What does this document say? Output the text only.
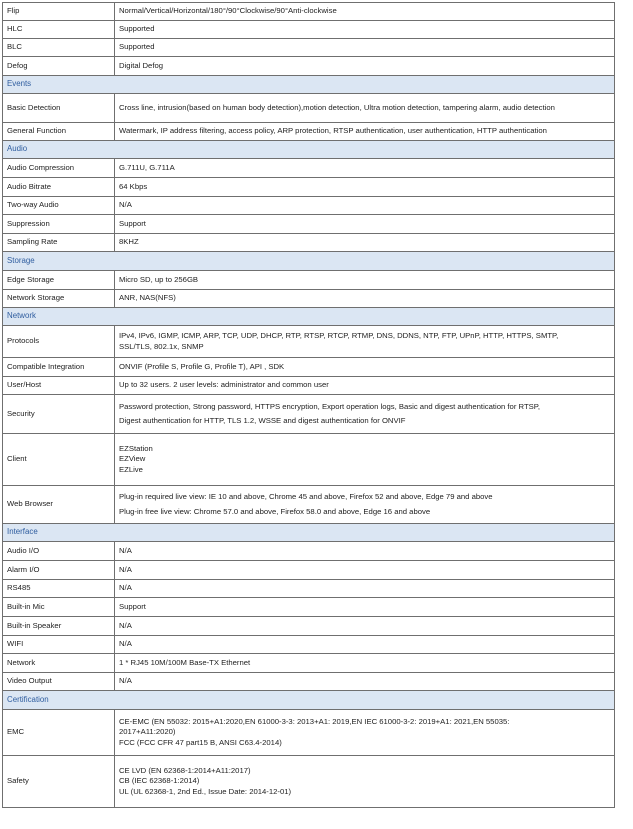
Flip	Normal/Vertical/Horizontal/180°/90°Clockwise/90°Anti-clockwise
HLC	Supported
BLC	Supported
Defog	Digital Defog
Events	
Basic Detection	Cross line, intrusion(based on human body detection),motion detection, Ultra motion detection, tampering alarm, audio detection
General Function	Watermark, IP address filtering, access policy, ARP protection, RTSP authentication, user authentication, HTTP authentication
Audio	
Audio Compression	G.711U, G.711A
Audio Bitrate	64 Kbps
Two-way Audio	N/A
Suppression	Support
Sampling Rate	8KHZ
Storage	
Edge Storage	Micro SD, up to 256GB
Network Storage	ANR, NAS(NFS)
Network	
Protocols	IPv4, IPv6, IGMP, ICMP, ARP, TCP, UDP, DHCP, RTP, RTSP, RTCP, RTMP, DNS, DDNS, NTP, FTP, UPnP, HTTP, HTTPS, SMTP,
SSL/TLS, 802.1x, SNMP

Compatible Integration	ONVIF (Profile S, Profile G, Profile T), API , SDK
User/Host	Up to 32 users. 2 user levels: administrator and common user
Security	Password protection, Strong password, HTTPS encryption, Export operation logs, Basic and digest authentication for RTSP,
Digest authentication for HTTP, TLS 1.2, WSSE and digest authentication for ONVIF

Client	EZStation
EZView
EZLive

Web Browser	Plug-in required live view: IE 10 and above, Chrome 45 and above, Firefox 52 and above, Edge 79 and above
Plug-in free live view: Chrome 57.0 and above, Firefox 58.0 and above, Edge 16 and above

Interface	
Audio I/O	N/A
Alarm I/O	N/A
RS485	N/A
Built-in Mic	Support
Built-in Speaker	N/A
WIFI	N/A
Network	1 * RJ45 10M/100M Base-TX Ethernet
Video Output	N/A
Certification	
EMC	CE-EMC (EN 55032: 2015+A1:2020,EN 61000-3-3: 2013+A1: 2019,EN IEC 61000-3-2: 2019+A1: 2021,EN 55035:
2017+A11:2020)
FCC (FCC CFR 47 part15 B, ANSI C63.4-2014)

Safety	CE LVD (EN 62368-1:2014+A11:2017)
CB (IEC 62368-1:2014)
UL (UL 62368-1, 2nd Ed., Issue Date: 2014-12-01)
